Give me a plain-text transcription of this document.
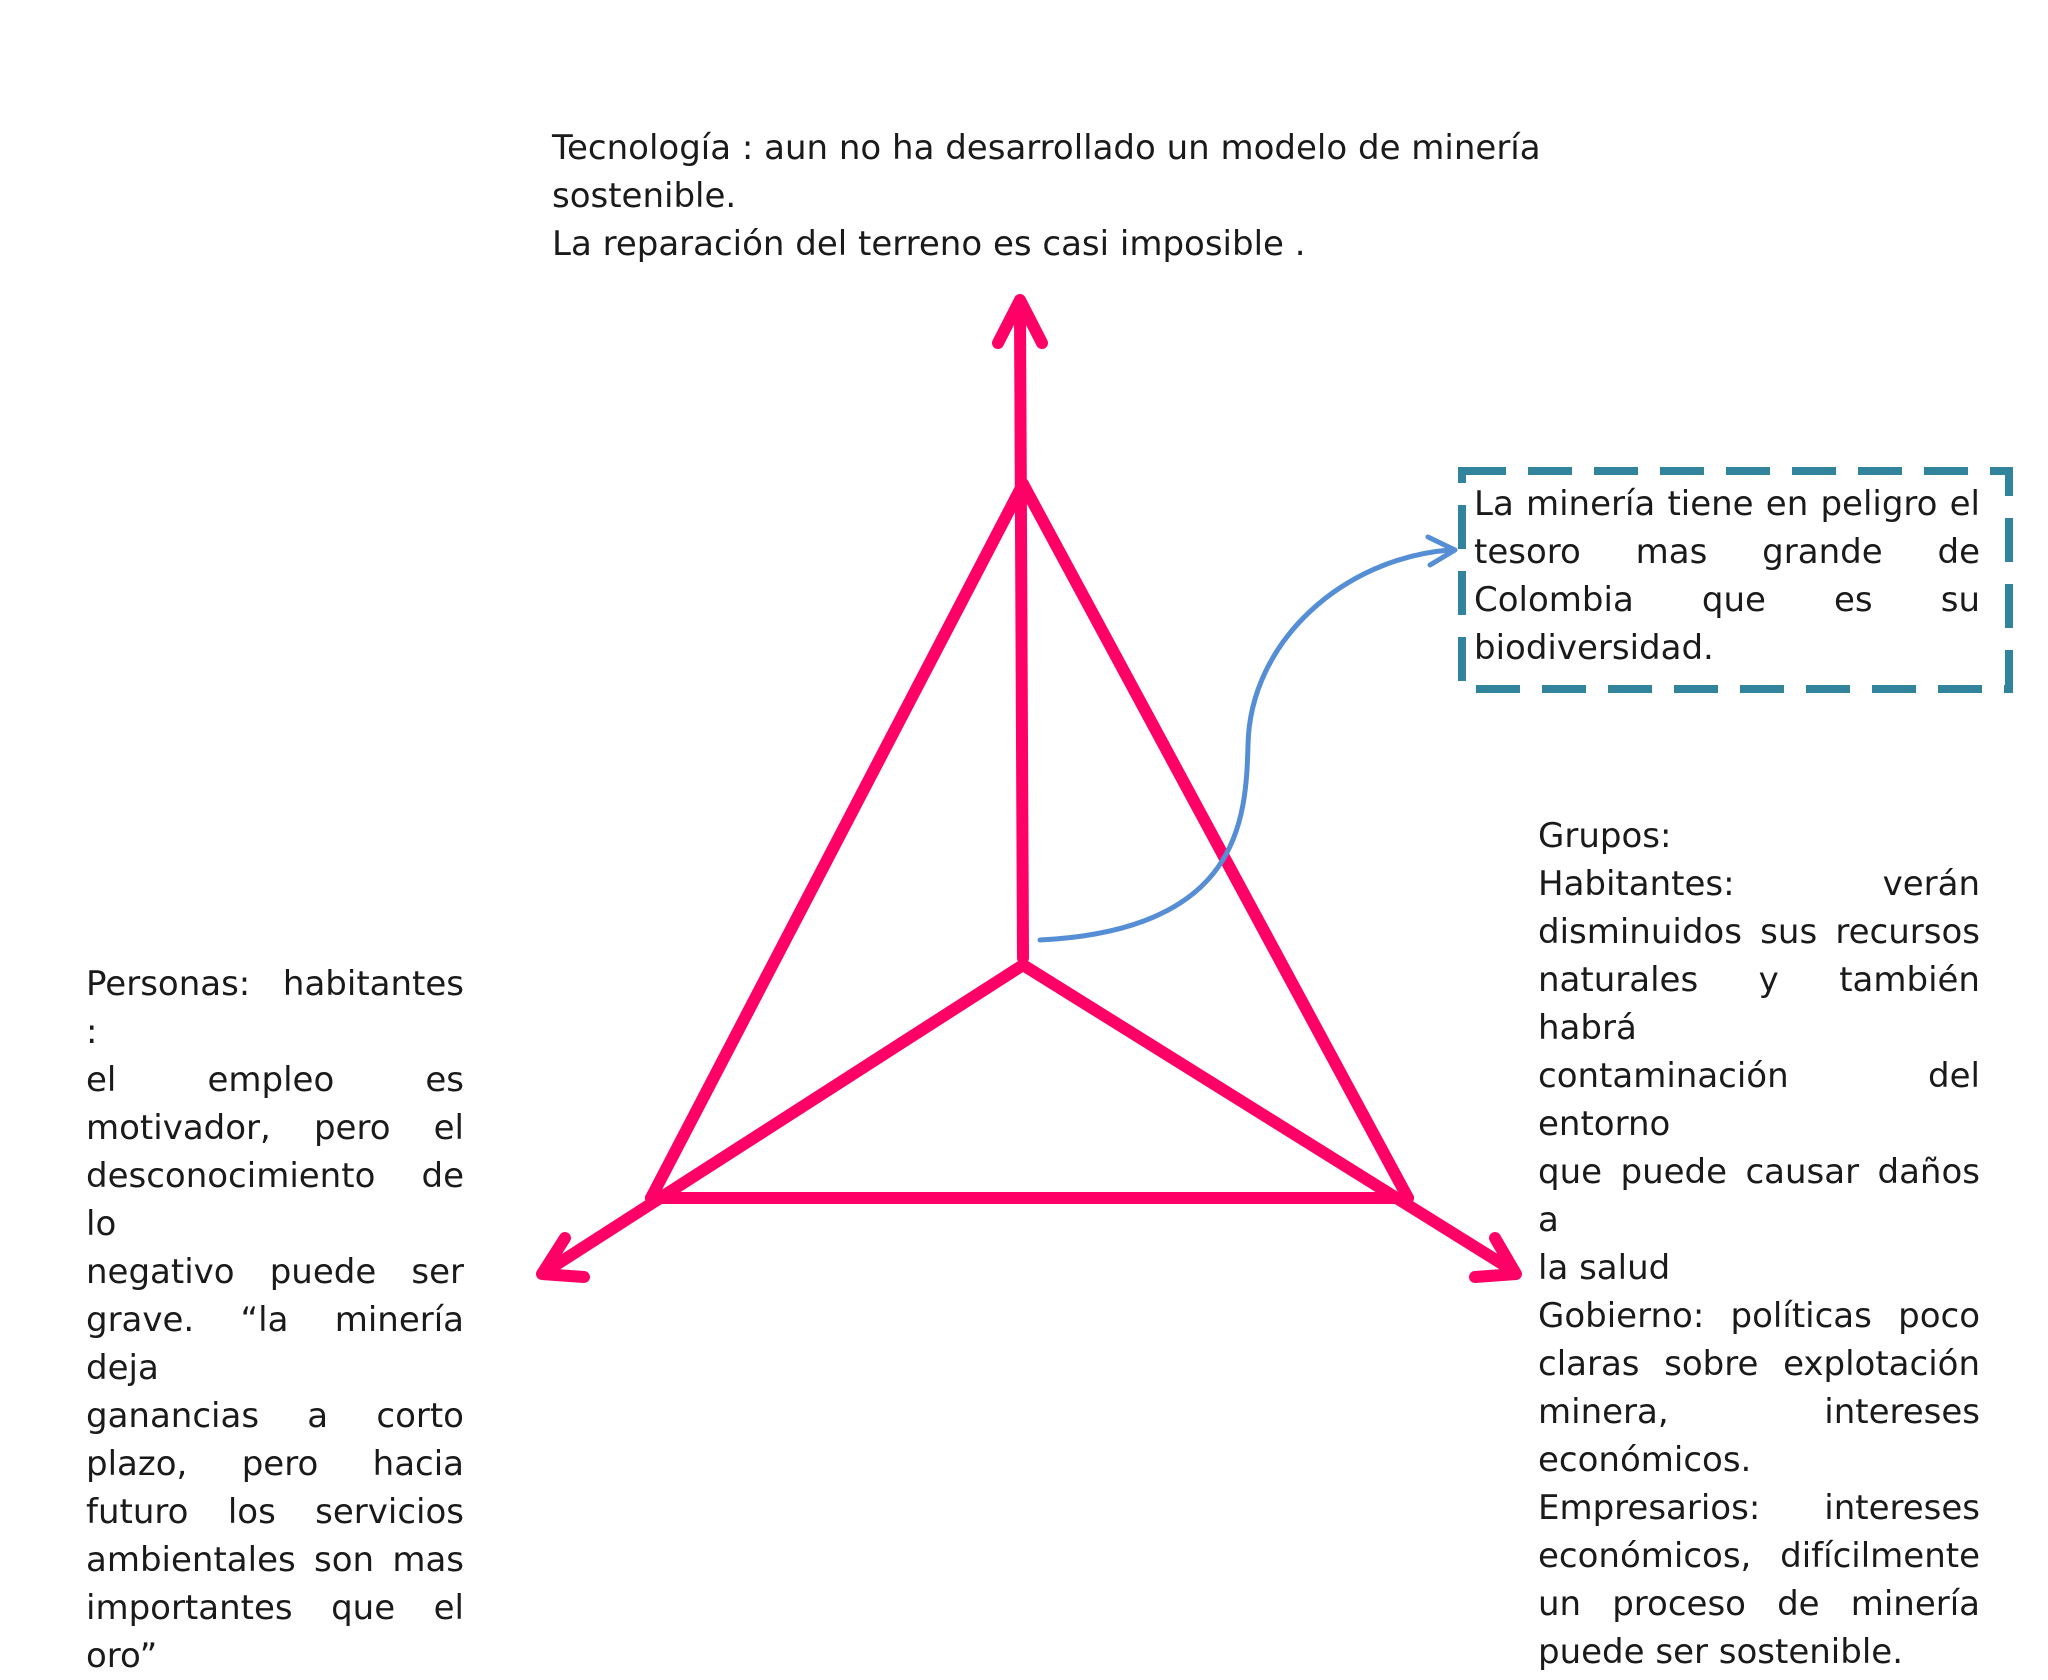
Tecnología : aun no ha desarrollado un modelo de minería
sostenible.
La reparación del terreno es casi imposible .
Personas: habitantes :
el empleo es
motivador, pero el
desconocimiento de lo
negativo puede ser
grave. “la minería deja
ganancias a corto
plazo, pero hacia
futuro los servicios
ambientales son mas
importantes que el
oro”
Grupos:
Habitantes: verán
disminuidos sus recursos
naturales y también habrá
contaminación del entorno
que puede causar daños a
la salud
Gobierno: políticas poco
claras sobre explotación
minera, intereses
económicos.
Empresarios: intereses
económicos, difícilmente
un proceso de minería
puede ser sostenible.
La minería tiene en peligro el
tesoro mas grande de
Colombia que es su
biodiversidad.
